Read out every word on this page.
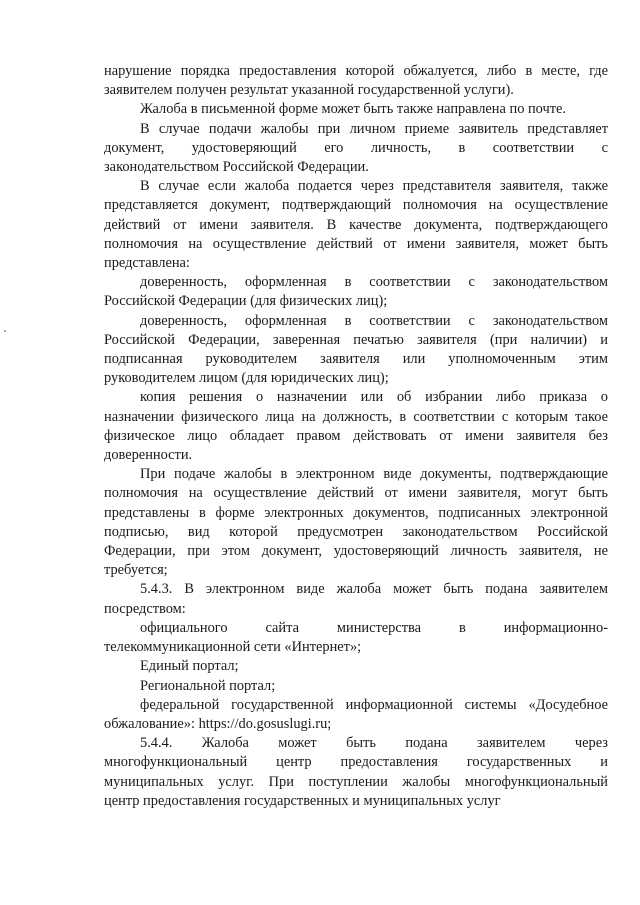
нарушение порядка предоставления которой обжалуется, либо в месте, где
заявителем получен результат указанной государственной услуги).
Жалоба в письменной форме может быть также направлена по почте.
В случае подачи жалобы при личном приеме заявитель представляет
документ, удостоверяющий его личность, в соответствии с
законодательством Российской Федерации.
В случае если жалоба подается через представителя заявителя, также
представляется документ, подтверждающий полномочия на осуществление
действий от имени заявителя. В качестве документа, подтверждающего
полномочия на осуществление действий от имени заявителя, может быть
представлена:
доверенность, оформленная в соответствии с законодательством
Российской Федерации (для физических лиц);
доверенность, оформленная в соответствии с законодательством
Российской Федерации, заверенная печатью заявителя (при наличии) и
подписанная руководителем заявителя или уполномоченным этим
руководителем лицом (для юридических лиц);
копия решения о назначении или об избрании либо приказа о
назначении физического лица на должность, в соответствии с которым такое
физическое лицо обладает правом действовать от имени заявителя без
доверенности.
При подаче жалобы в электронном виде документы, подтверждающие
полномочия на осуществление действий от имени заявителя, могут быть
представлены в форме электронных документов, подписанных электронной
подписью, вид которой предусмотрен законодательством Российской
Федерации, при этом документ, удостоверяющий личность заявителя, не
требуется;
5.4.3. В электронном виде жалоба может быть подана заявителем
посредством:
официального сайта министерства в информационно-
телекоммуникационной сети «Интернет»;
Единый портал;
Региональной портал;
федеральной государственной информационной системы «Досудебное
обжалование»: https://do.gosuslugi.ru;
5.4.4. Жалоба может быть подана заявителем через
многофункциональный центр предоставления государственных и
муниципальных услуг. При поступлении жалобы многофункциональный
центр предоставления государственных и муниципальных услуг
